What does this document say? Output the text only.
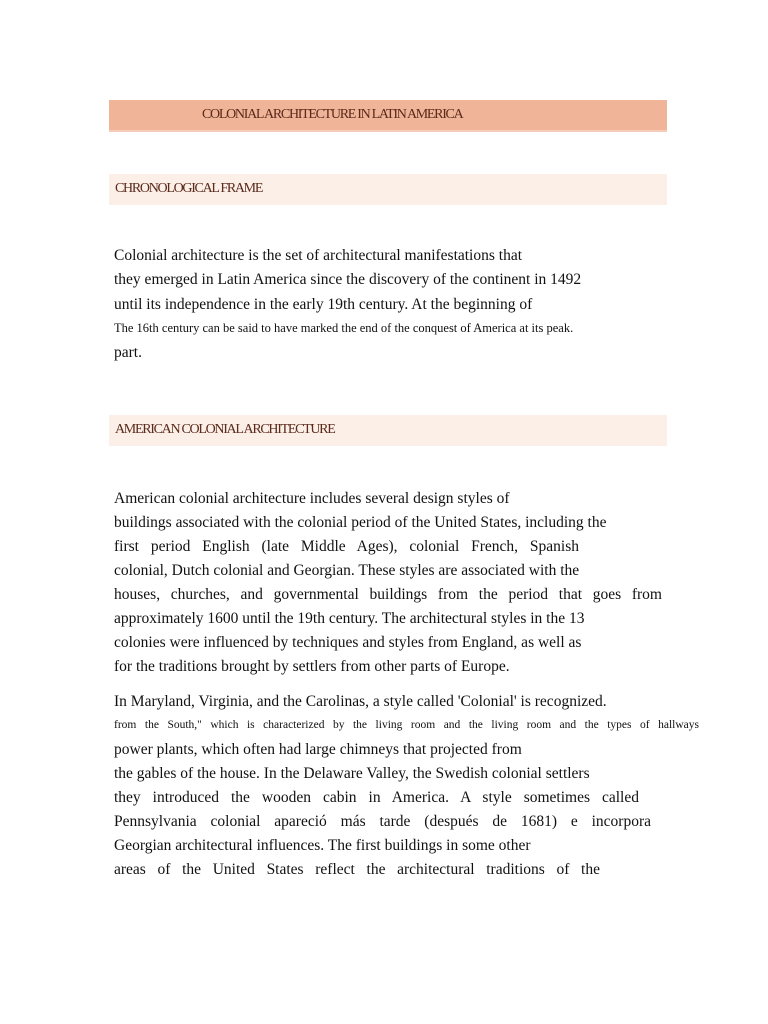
COLONIAL ARCHITECTURE IN LATIN AMERICA
CHRONOLOGICAL FRAME
Colonial architecture is the set of architectural manifestations that
they emerged in Latin America since the discovery of the continent in 1492
until its independence in the early 19th century. At the beginning of
The 16th century can be said to have marked the end of the conquest of America at its peak.
part.
AMERICAN COLONIAL ARCHITECTURE
American colonial architecture includes several design styles of
buildings associated with the colonial period of the United States, including the
first period English (late Middle Ages), colonial French, Spanish
colonial, Dutch colonial and Georgian. These styles are associated with the
houses, churches, and governmental buildings from the period that goes from
approximately 1600 until the 19th century. The architectural styles in the 13
colonies were influenced by techniques and styles from England, as well as
for the traditions brought by settlers from other parts of Europe.
In Maryland, Virginia, and the Carolinas, a style called 'Colonial' is recognized.
from the South," which is characterized by the living room and the living room and the types of hallways
power plants, which often had large chimneys that projected from
the gables of the house. In the Delaware Valley, the Swedish colonial settlers
they introduced the wooden cabin in America. A style sometimes called
Pennsylvania colonial apareció más tarde (después de 1681) e incorpora
Georgian architectural influences. The first buildings in some other
areas of the United States reflect the architectural traditions of the
